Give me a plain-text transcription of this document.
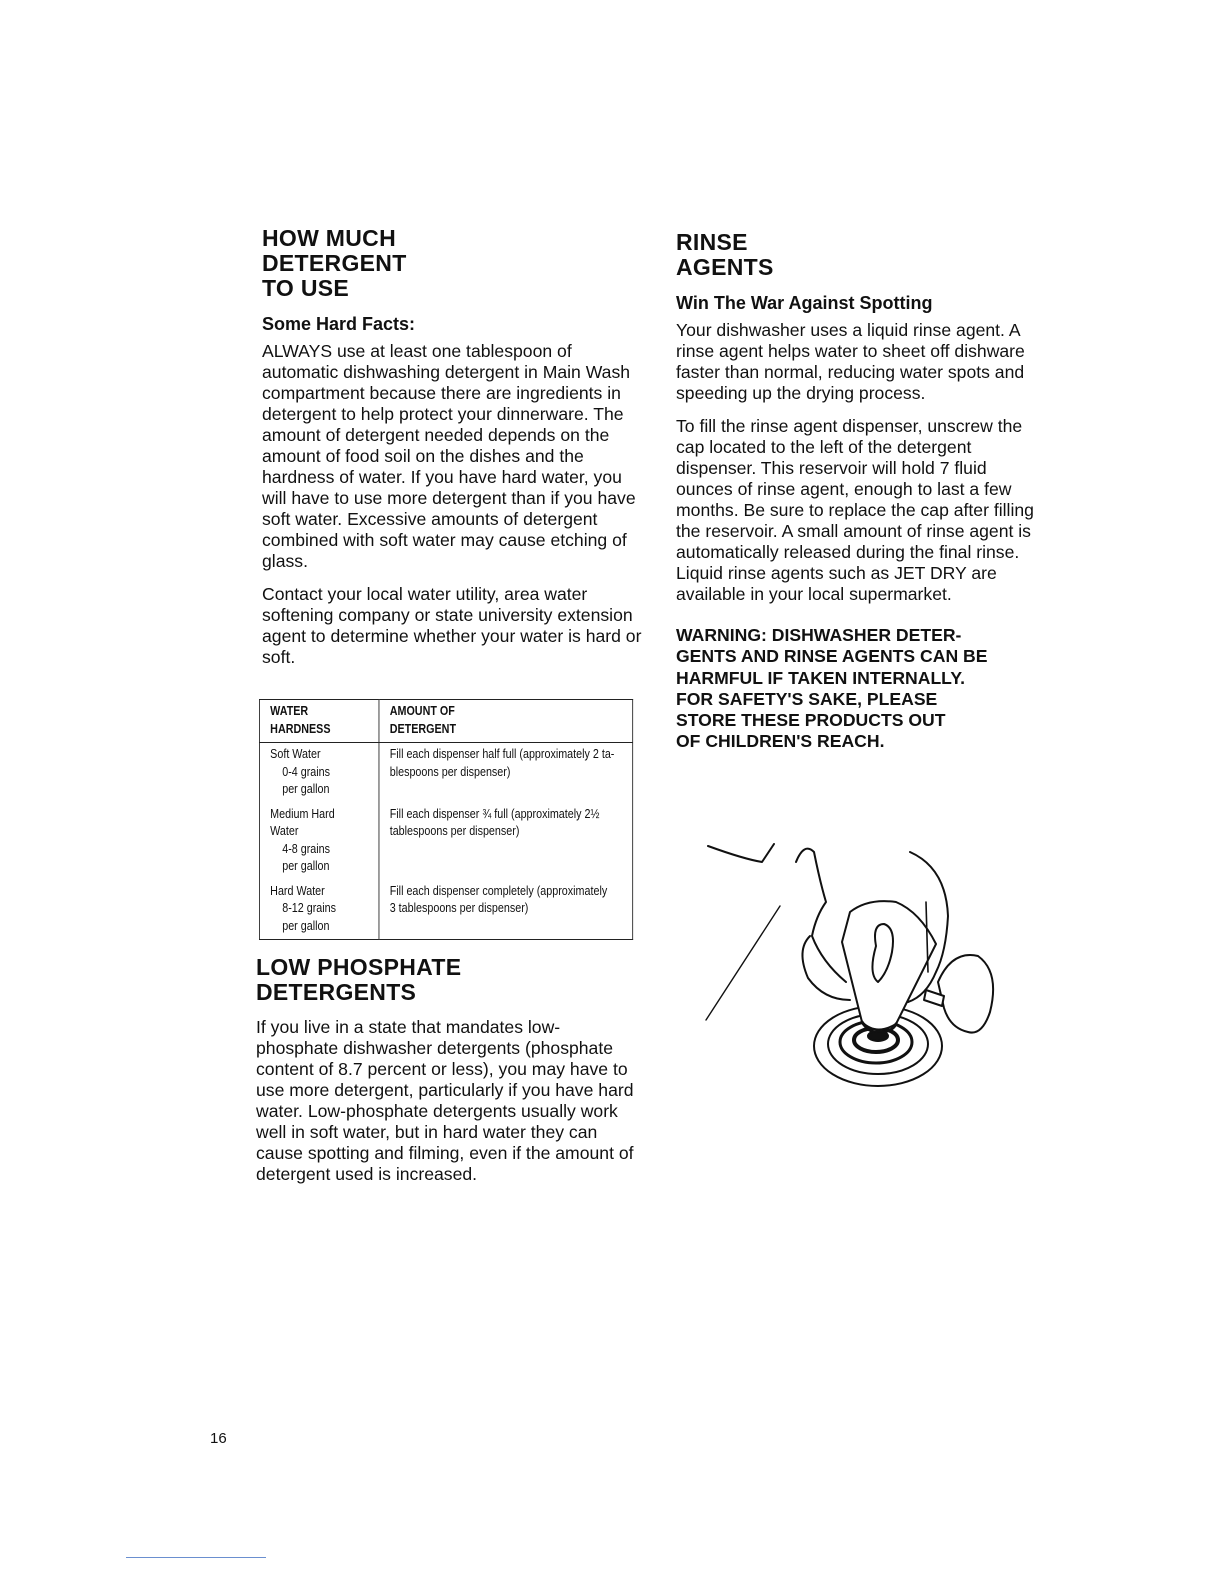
HOW MUCH
DETERGENT
TO USE
Some Hard Facts:

ALWAYS use at least one tablespoon of automatic dishwashing detergent in Main Wash compartment because there are ingredients in detergent to help protect your dinnerware. The amount of detergent needed depends on the amount of food soil on the dishes and the hardness of water. If you have hard water, you will have to use more detergent than if you have soft water. Excessive amounts of detergent combined with soft water may cause etching of glass.

Contact your local water utility, area water softening company or state university extension agent to determine whether your water is hard or soft.

WATER
HARDNESS	AMOUNT OF
DETERGENT

Soft Water
0-4 grains
per gallon	Fill each dispenser half full (approximately 2 ta-
blespoons per dispenser)

Medium Hard
Water
4-8 grains
per gallon	Fill each dispenser ¾ full (approximately 2½
tablespoons per dispenser)

Hard Water
8-12 grains
per gallon	Fill each dispenser completely (approximately
3 tablespoons per dispenser)
LOW PHOSPHATE
DETERGENTS

If you live in a state that mandates low-phosphate dishwasher detergents (phosphate content of 8.7 percent or less), you may have to use more detergent, particularly if you have hard water. Low-phosphate detergents usually work well in soft water, but in hard water they can cause spotting and filming, even if the amount of detergent used is increased.

RINSE
AGENTS
Win The War Against Spotting

Your dishwasher uses a liquid rinse agent. A rinse agent helps water to sheet off dishware faster than normal, reducing water spots and speeding up the drying process.

To fill the rinse agent dispenser, unscrew the cap located to the left of the detergent dispenser. This reservoir will hold 7 fluid ounces of rinse agent, enough to last a few months. Be sure to replace the cap after filling the reservoir. A small amount of rinse agent is automatically released during the final rinse. Liquid rinse agents such as JET DRY are available in your local supermarket.

WARNING: DISHWASHER DETER-
GENTS AND RINSE AGENTS CAN BE
HARMFUL IF TAKEN INTERNALLY.
FOR SAFETY'S SAKE, PLEASE
STORE THESE PRODUCTS OUT
OF CHILDREN'S REACH.
16
